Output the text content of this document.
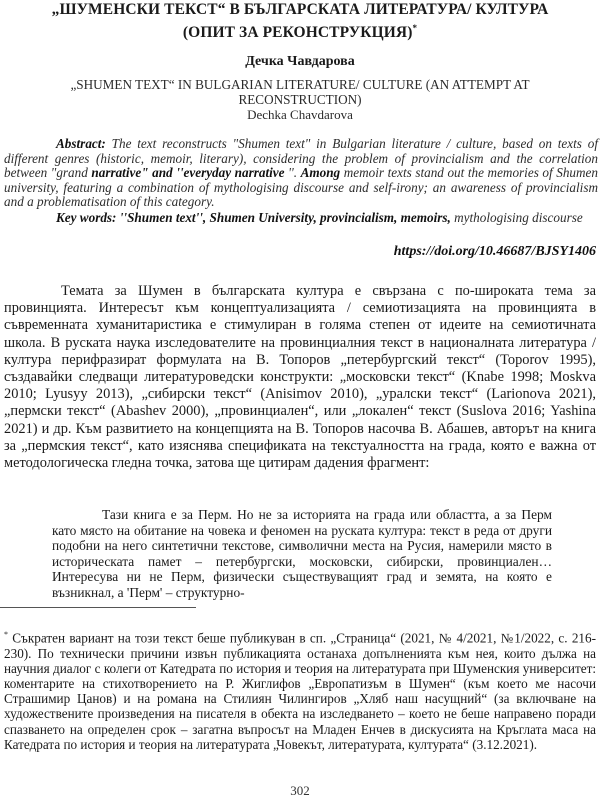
„ШУМЕНСКИ ТЕКСТ“ В БЪЛГАРСКАТА ЛИТЕРАТУРА/ КУЛТУРА
(ОПИТ ЗА РЕКОНСТРУКЦИЯ)*
Дечка Чавдарова
„SHUMEN TEXT“ IN BULGARIAN LITERATURE/ CULTURE (AN ATTEMPT AT
RECONSTRUCTION)
Dechka Chavdarova
Abstract: The text reconstructs "Shumen text" in Bulgarian literature / culture, based on texts of different genres (historic, memoir, literary), considering the problem of provincialism and the correlation between "grand narrative" and ''everyday narrative ''. Among memoir texts stand out the memories of Shumen university, featuring a combination of mythologising discourse and self-irony; an awareness of provincialism and a problematisation of this category.
Key words: ''Shumen text'', Shumen University, provincialism, memoirs, mythologising discourse
https://doi.org/10.46687/BJSY1406
Темата за Шумен в българската култура е свързана с по-широката тема за провинцията. Интересът към концептуализацията / семиотизацията на провинцията в съвременната хуманитаристика е стимулиран в голяма степен от идеите на семиотичната школа. В руската наука изследователите на провинциалния текст в националната литература / култура перифразират формулата на В. Топоров „петербургский текст“ (Toporov 1995), създавайки следващи литературоведски конструкти: „московски текст“ (Knabe 1998; Moskva 2010; Lyusyy 2013), „сибирски текст“ (Anisimov 2010), „уралски текст“ (Larionova 2021), „пермски текст“ (Abashev 2000), „провинциален“, или „локален“ текст (Suslova 2016; Yashina 2021) и др. Към развитието на концепцията на В. Топоров насочва В. Абашев, авторът на книга за „пермския текст“, като изяснява спецификата на текстуалността на града, която е важна от методологическа гледна точка, затова ще цитирам дадения фрагмент:
Тази книга е за Перм. Но не за историята на града или областта, а за Перм като място на обитание на човека и феномен на руската култура: текст в реда от други подобни на него синтетични текстове, символични места на Русия, намерили място в историческата памет – петербургски, московски, сибирски, провинциален…Интересува ни не Перм, физически съществуващият град и земята, на която е възникнал, а 'Перм' – структурно-
* Съкратен вариант на този текст беше публикуван в сп. „Страница“ (2021, № 4/2021, №1/2022, с. 216-230). По технически причини извън публикацията останаха допълненията към нея, които дължа на научния диалог с колеги от Катедрата по история и теория на литературата при Шуменския университет: коментарите на стихотворението на Р. Жиглифов „Европатизъм в Шумен“ (към което ме насочи Страшимир Цанов) и на романа на Стилиян Чилингиров „Хляб наш насущний“ (за включване на художествените произведения на писателя в обекта на изследването – което не беше направено поради спазването на определен срок – загатна въпросът на Младен Енчев в дискусията на Кръглата маса на Катедрата по история и теория на литературата „Човекът, литературата, културата“ (3.12.2021).
302
